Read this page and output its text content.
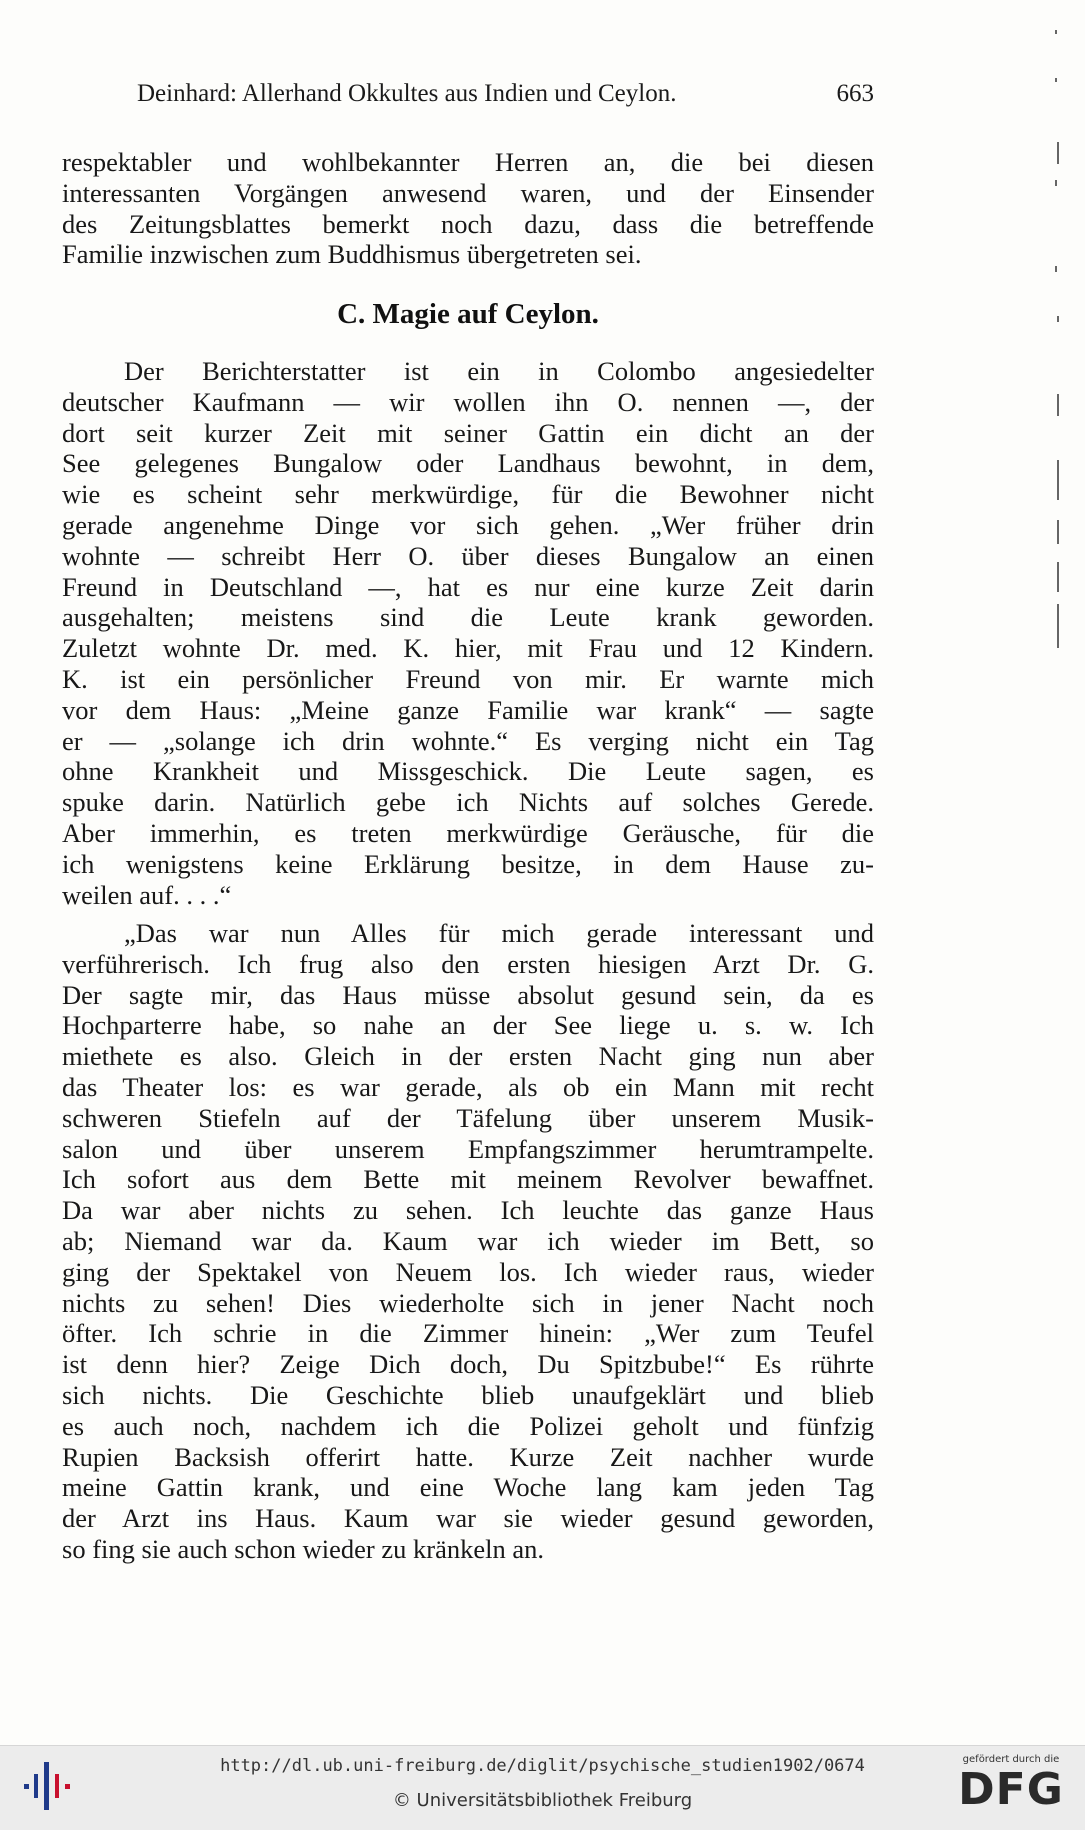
Deinhard: Allerhand Okkultes aus Indien und Ceylon.	663
respektabler und wohlbekannter Herren an, die bei diesen
interessanten Vorgängen anwesend waren, und der Einsender
des Zeitungsblattes bemerkt noch dazu, dass die betreffende
Familie inzwischen zum Buddhismus übergetreten sei.
C. Magie auf Ceylon.
Der Berichterstatter ist ein in Colombo angesiedelter
deutscher Kaufmann — wir wollen ihn O. nennen —, der
dort seit kurzer Zeit mit seiner Gattin ein dicht an der
See gelegenes Bungalow oder Landhaus bewohnt, in dem,
wie es scheint sehr merkwürdige, für die Bewohner nicht
gerade angenehme Dinge vor sich gehen. „Wer früher drin
wohnte — schreibt Herr O. über dieses Bungalow an einen
Freund in Deutschland —, hat es nur eine kurze Zeit darin
ausgehalten; meistens sind die Leute krank geworden.
Zuletzt wohnte Dr. med. K. hier, mit Frau und 12 Kindern.
K. ist ein persönlicher Freund von mir. Er warnte mich
vor dem Haus: „Meine ganze Familie war krank“ — sagte
er — „solange ich drin wohnte.“ Es verging nicht ein Tag
ohne Krankheit und Missgeschick. Die Leute sagen, es
spuke darin. Natürlich gebe ich Nichts auf solches Gerede.
Aber immerhin, es treten merkwürdige Geräusche, für die
ich wenigstens keine Erklärung besitze, in dem Hause zu-
weilen auf. . . .“
„Das war nun Alles für mich gerade interessant und
verführerisch. Ich frug also den ersten hiesigen Arzt Dr. G.
Der sagte mir, das Haus müsse absolut gesund sein, da es
Hochparterre habe, so nahe an der See liege u. s. w. Ich
miethete es also. Gleich in der ersten Nacht ging nun aber
das Theater los: es war gerade, als ob ein Mann mit recht
schweren Stiefeln auf der Täfelung über unserem Musik-
salon und über unserem Empfangszimmer herumtrampelte.
Ich sofort aus dem Bette mit meinem Revolver bewaffnet.
Da war aber nichts zu sehen. Ich leuchte das ganze Haus
ab; Niemand war da. Kaum war ich wieder im Bett, so
ging der Spektakel von Neuem los. Ich wieder raus, wieder
nichts zu sehen! Dies wiederholte sich in jener Nacht noch
öfter. Ich schrie in die Zimmer hinein: „Wer zum Teufel
ist denn hier? Zeige Dich doch, Du Spitzbube!“ Es rührte
sich nichts. Die Geschichte blieb unaufgeklärt und blieb
es auch noch, nachdem ich die Polizei geholt und fünfzig
Rupien Backsish offerirt hatte. Kurze Zeit nachher wurde
meine Gattin krank, und eine Woche lang kam jeden Tag
der Arzt ins Haus. Kaum war sie wieder gesund geworden,
so fing sie auch schon wieder zu kränkeln an.
http://dl.ub.uni-freiburg.de/diglit/psychische_studien1902/0674
© Universitätsbibliothek Freiburg
gefördert durch die
DFG
